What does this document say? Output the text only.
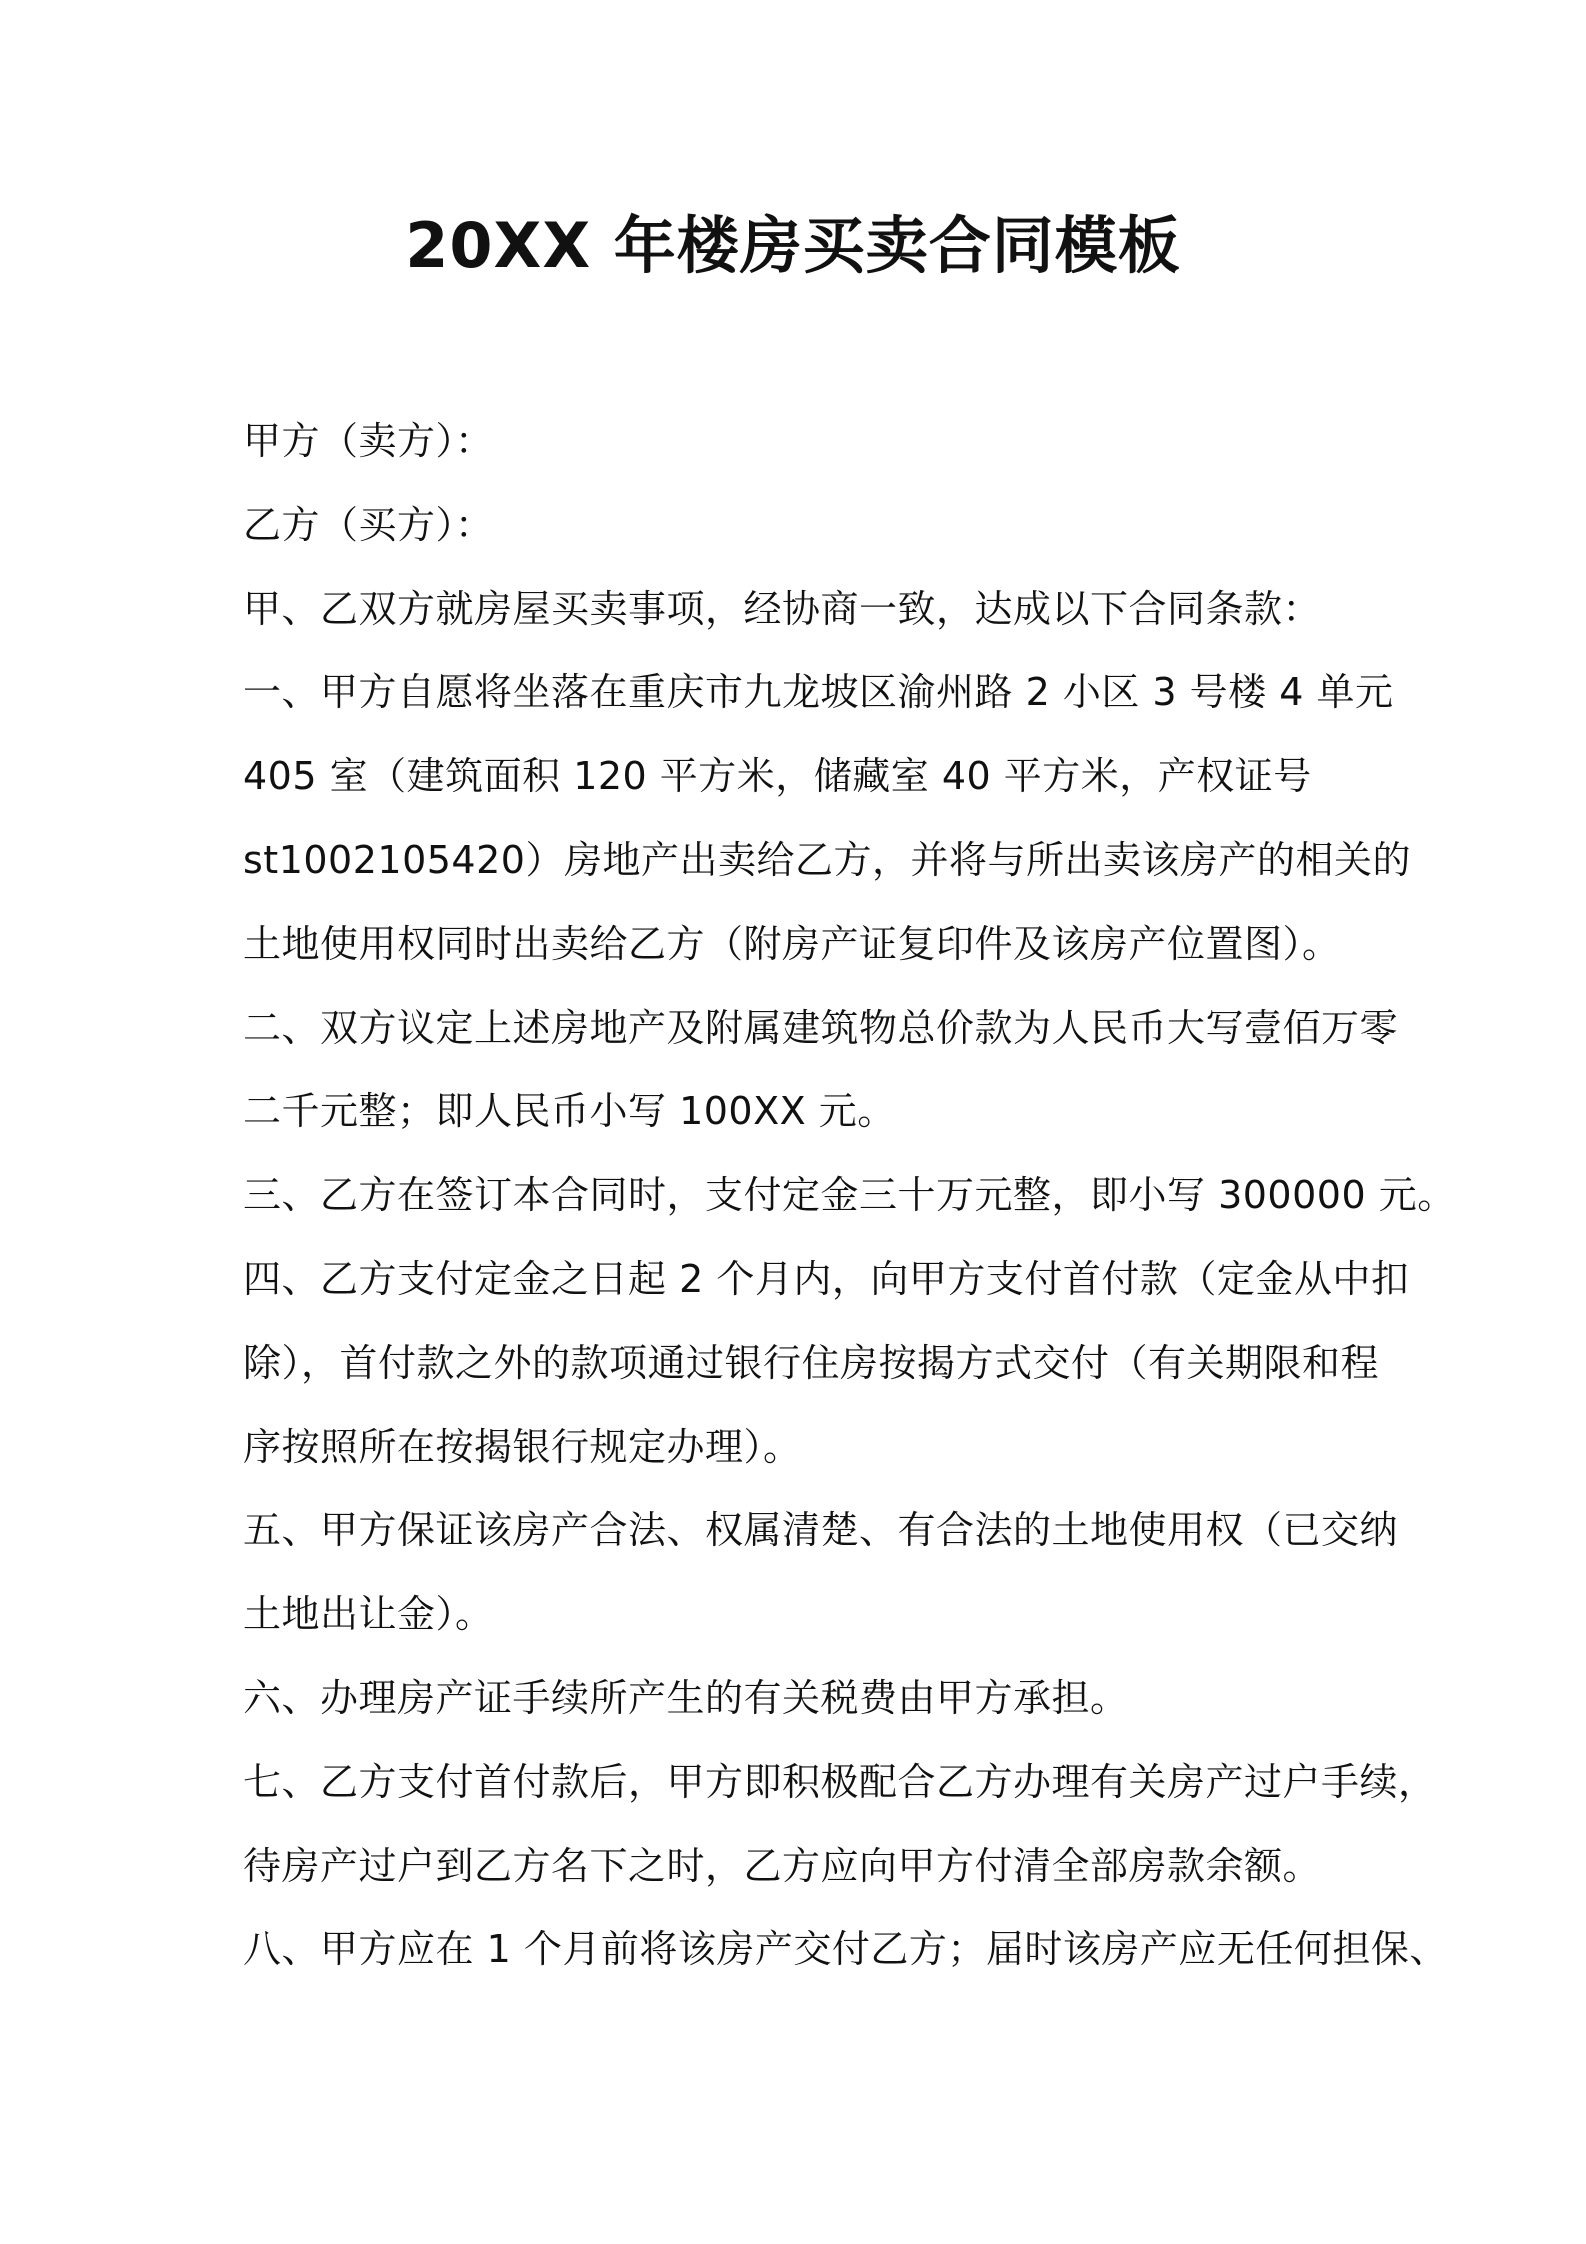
20XX 年楼房买卖合同模板
甲方（卖方）：
乙方（买方）：
甲、乙双方就房屋买卖事项，经协商一致，达成以下合同条款：
一、甲方自愿将坐落在重庆市九龙坡区渝州路 2 小区 3 号楼 4 单元
405 室（建筑面积 120 平方米，储藏室 40 平方米，产权证号
st1002105420）房地产出卖给乙方，并将与所出卖该房产的相关的
土地使用权同时出卖给乙方（附房产证复印件及该房产位置图）。
二、双方议定上述房地产及附属建筑物总价款为人民币大写壹佰万零
二千元整；即人民币小写 100XX 元。
三、乙方在签订本合同时，支付定金三十万元整，即小写 300000 元。
四、乙方支付定金之日起 2 个月内，向甲方支付首付款（定金从中扣
除），首付款之外的款项通过银行住房按揭方式交付（有关期限和程
序按照所在按揭银行规定办理）。
五、甲方保证该房产合法、权属清楚、有合法的土地使用权（已交纳
土地出让金）。
六、办理房产证手续所产生的有关税费由甲方承担。
七、乙方支付首付款后，甲方即积极配合乙方办理有关房产过户手续，
待房产过户到乙方名下之时，乙方应向甲方付清全部房款余额。
八、甲方应在 1 个月前将该房产交付乙方；届时该房产应无任何担保、
